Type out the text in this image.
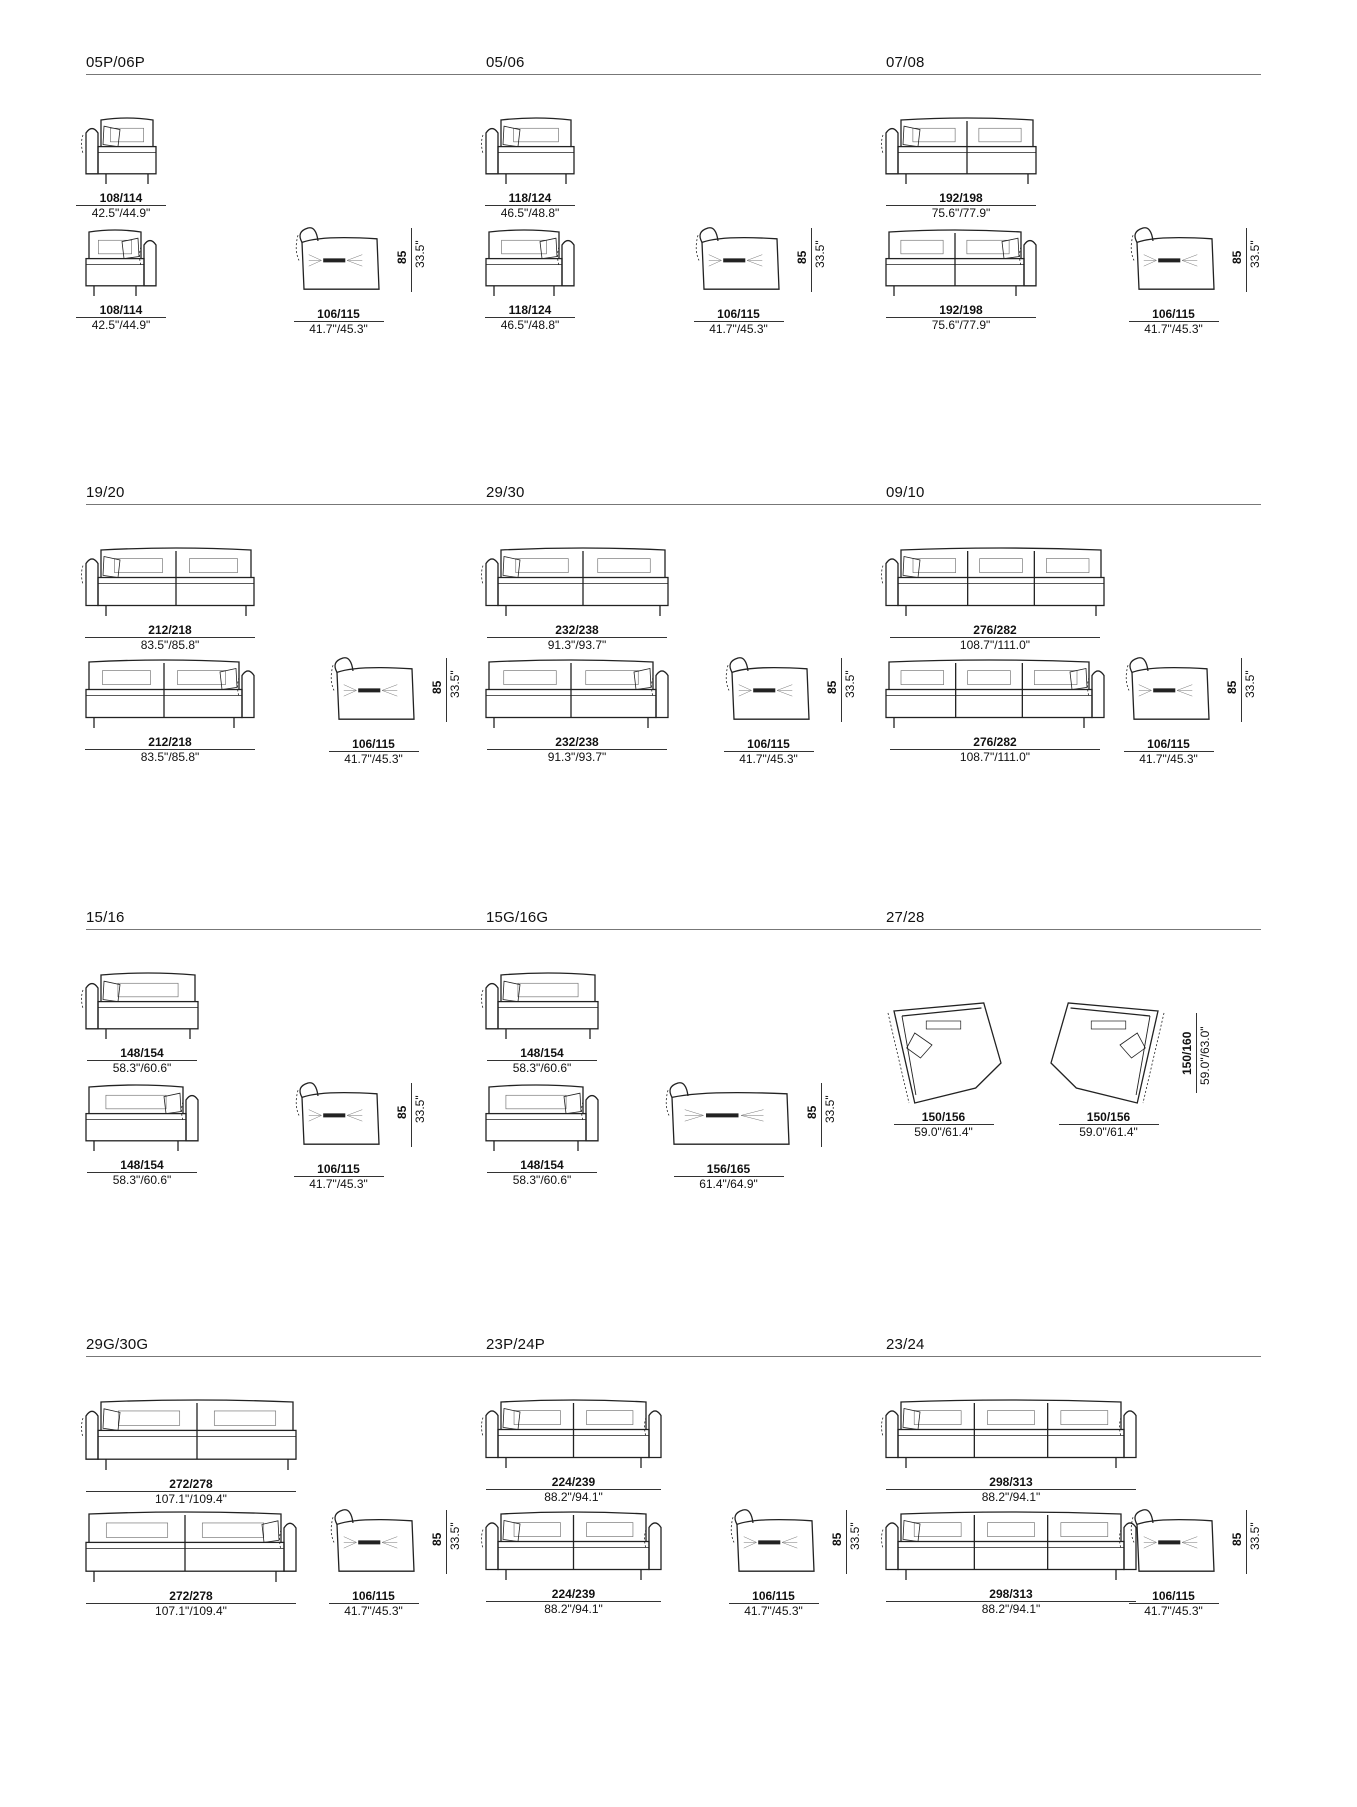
05P/06P
108/114
42.5"/44.9"
108/114
42.5"/44.9"
106/115
41.7"/45.3"
85 33.5"
05/06
118/124
46.5"/48.8"
118/124
46.5"/48.8"
106/115
41.7"/45.3"
85 33.5"
07/08
192/198
75.6"/77.9"
192/198
75.6"/77.9"
106/115
41.7"/45.3"
85 33.5"
19/20
212/218
83.5"/85.8"
212/218
83.5"/85.8"
106/115
41.7"/45.3"
85 33.5"
29/30
232/238
91.3"/93.7"
232/238
91.3"/93.7"
106/115
41.7"/45.3"
85 33.5"
09/10
276/282
108.7"/111.0"
276/282
108.7"/111.0"
106/115
41.7"/45.3"
85 33.5"
15/16
148/154
58.3"/60.6"
148/154
58.3"/60.6"
106/115
41.7"/45.3"
85 33.5"
15G/16G
148/154
58.3"/60.6"
148/154
58.3"/60.6"
156/165
61.4"/64.9"
85 33.5"
27/28
150/156
59.0"/61.4"
150/156
59.0"/61.4"
150/160 59.0"/63.0"
29G/30G
272/278
107.1"/109.4"
272/278
107.1"/109.4"
106/115
41.7"/45.3"
85 33.5"
23P/24P
224/239
88.2"/94.1"
224/239
88.2"/94.1"
106/115
41.7"/45.3"
85 33.5"
23/24
298/313
88.2"/94.1"
298/313
88.2"/94.1"
106/115
41.7"/45.3"
85 33.5"
